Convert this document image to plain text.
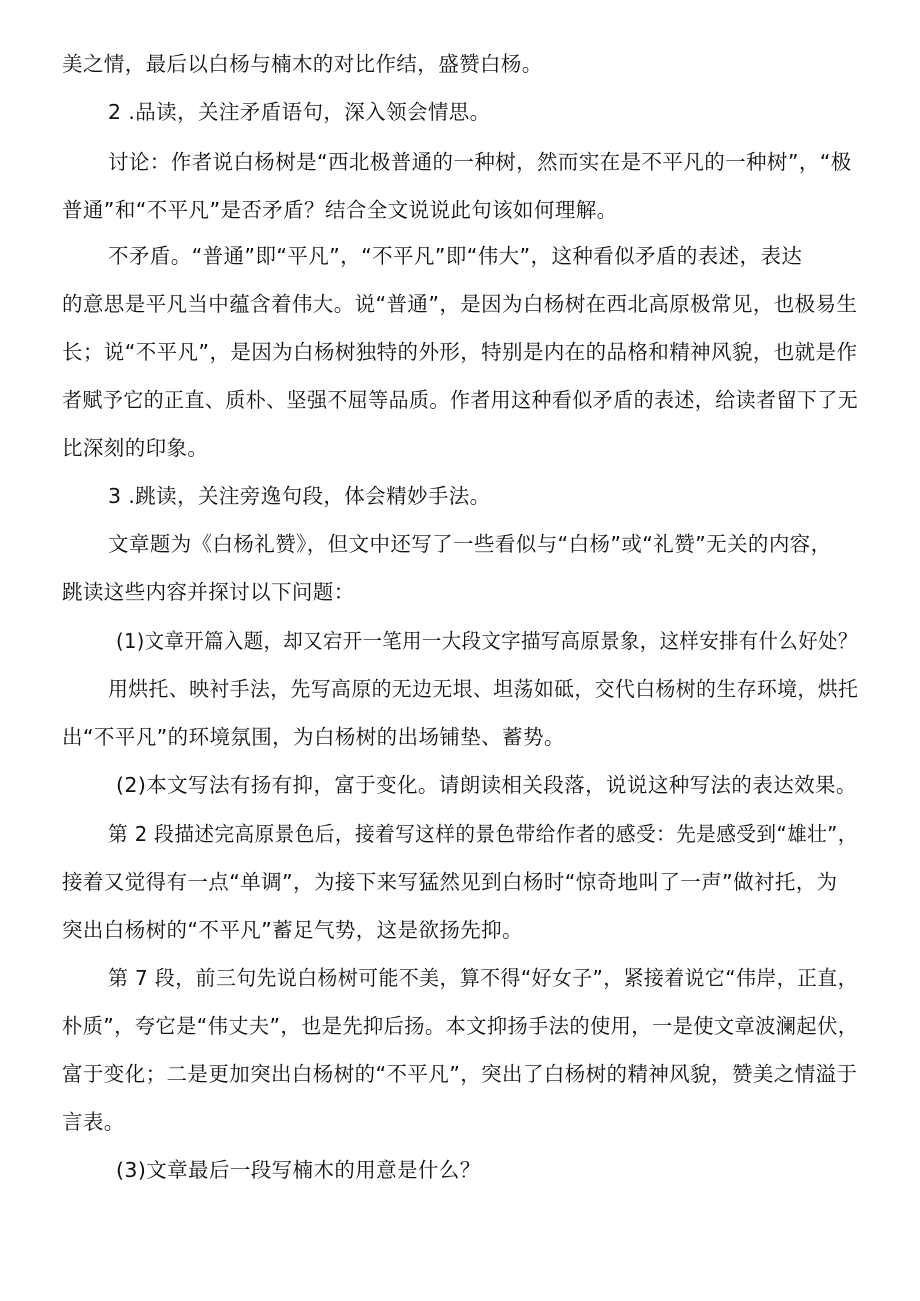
美之情，最后以白杨与楠木的对比作结，盛赞白杨。
2 .品读，关注矛盾语句，深入领会情思。
讨论：作者说白杨树是“西北极普通的一种树，然而实在是不平凡的一种树”，“极
普通”和“不平凡”是否矛盾？结合全文说说此句该如何理解。
不矛盾。“普通”即“平凡”，“不平凡”即“伟大”，这种看似矛盾的表述，表达
的意思是平凡当中蕴含着伟大。说“普通”，是因为白杨树在西北高原极常见，也极易生
长；说“不平凡”，是因为白杨树独特的外形，特别是内在的品格和精神风貌，也就是作
者赋予它的正直、质朴、坚强不屈等品质。作者用这种看似矛盾的表述，给读者留下了无
比深刻的印象。
3 .跳读，关注旁逸句段，体会精妙手法。
文章题为《白杨礼赞》，但文中还写了一些看似与“白杨”或“礼赞”无关的内容，
跳读这些内容并探讨以下问题：
(1)文章开篇入题，却又宕开一笔用一大段文字描写高原景象，这样安排有什么好处？
用烘托、映衬手法，先写高原的无边无垠、坦荡如砥，交代白杨树的生存环境，烘托
出“不平凡”的环境氛围，为白杨树的出场铺垫、蓄势。
(2)本文写法有扬有抑，富于变化。请朗读相关段落，说说这种写法的表达效果。
第 2 段描述完高原景色后，接着写这样的景色带给作者的感受：先是感受到“雄壮”，
接着又觉得有一点“单调”，为接下来写猛然见到白杨时“惊奇地叫了一声”做衬托，为
突出白杨树的“不平凡”蓄足气势，这是欲扬先抑。
第 7 段，前三句先说白杨树可能不美，算不得“好女子”，紧接着说它“伟岸，正直，
朴质”，夸它是“伟丈夫”，也是先抑后扬。本文抑扬手法的使用，一是使文章波澜起伏，
富于变化；二是更加突出白杨树的“不平凡”，突出了白杨树的精神风貌，赞美之情溢于
言表。
(3)文章最后一段写楠木的用意是什么？
